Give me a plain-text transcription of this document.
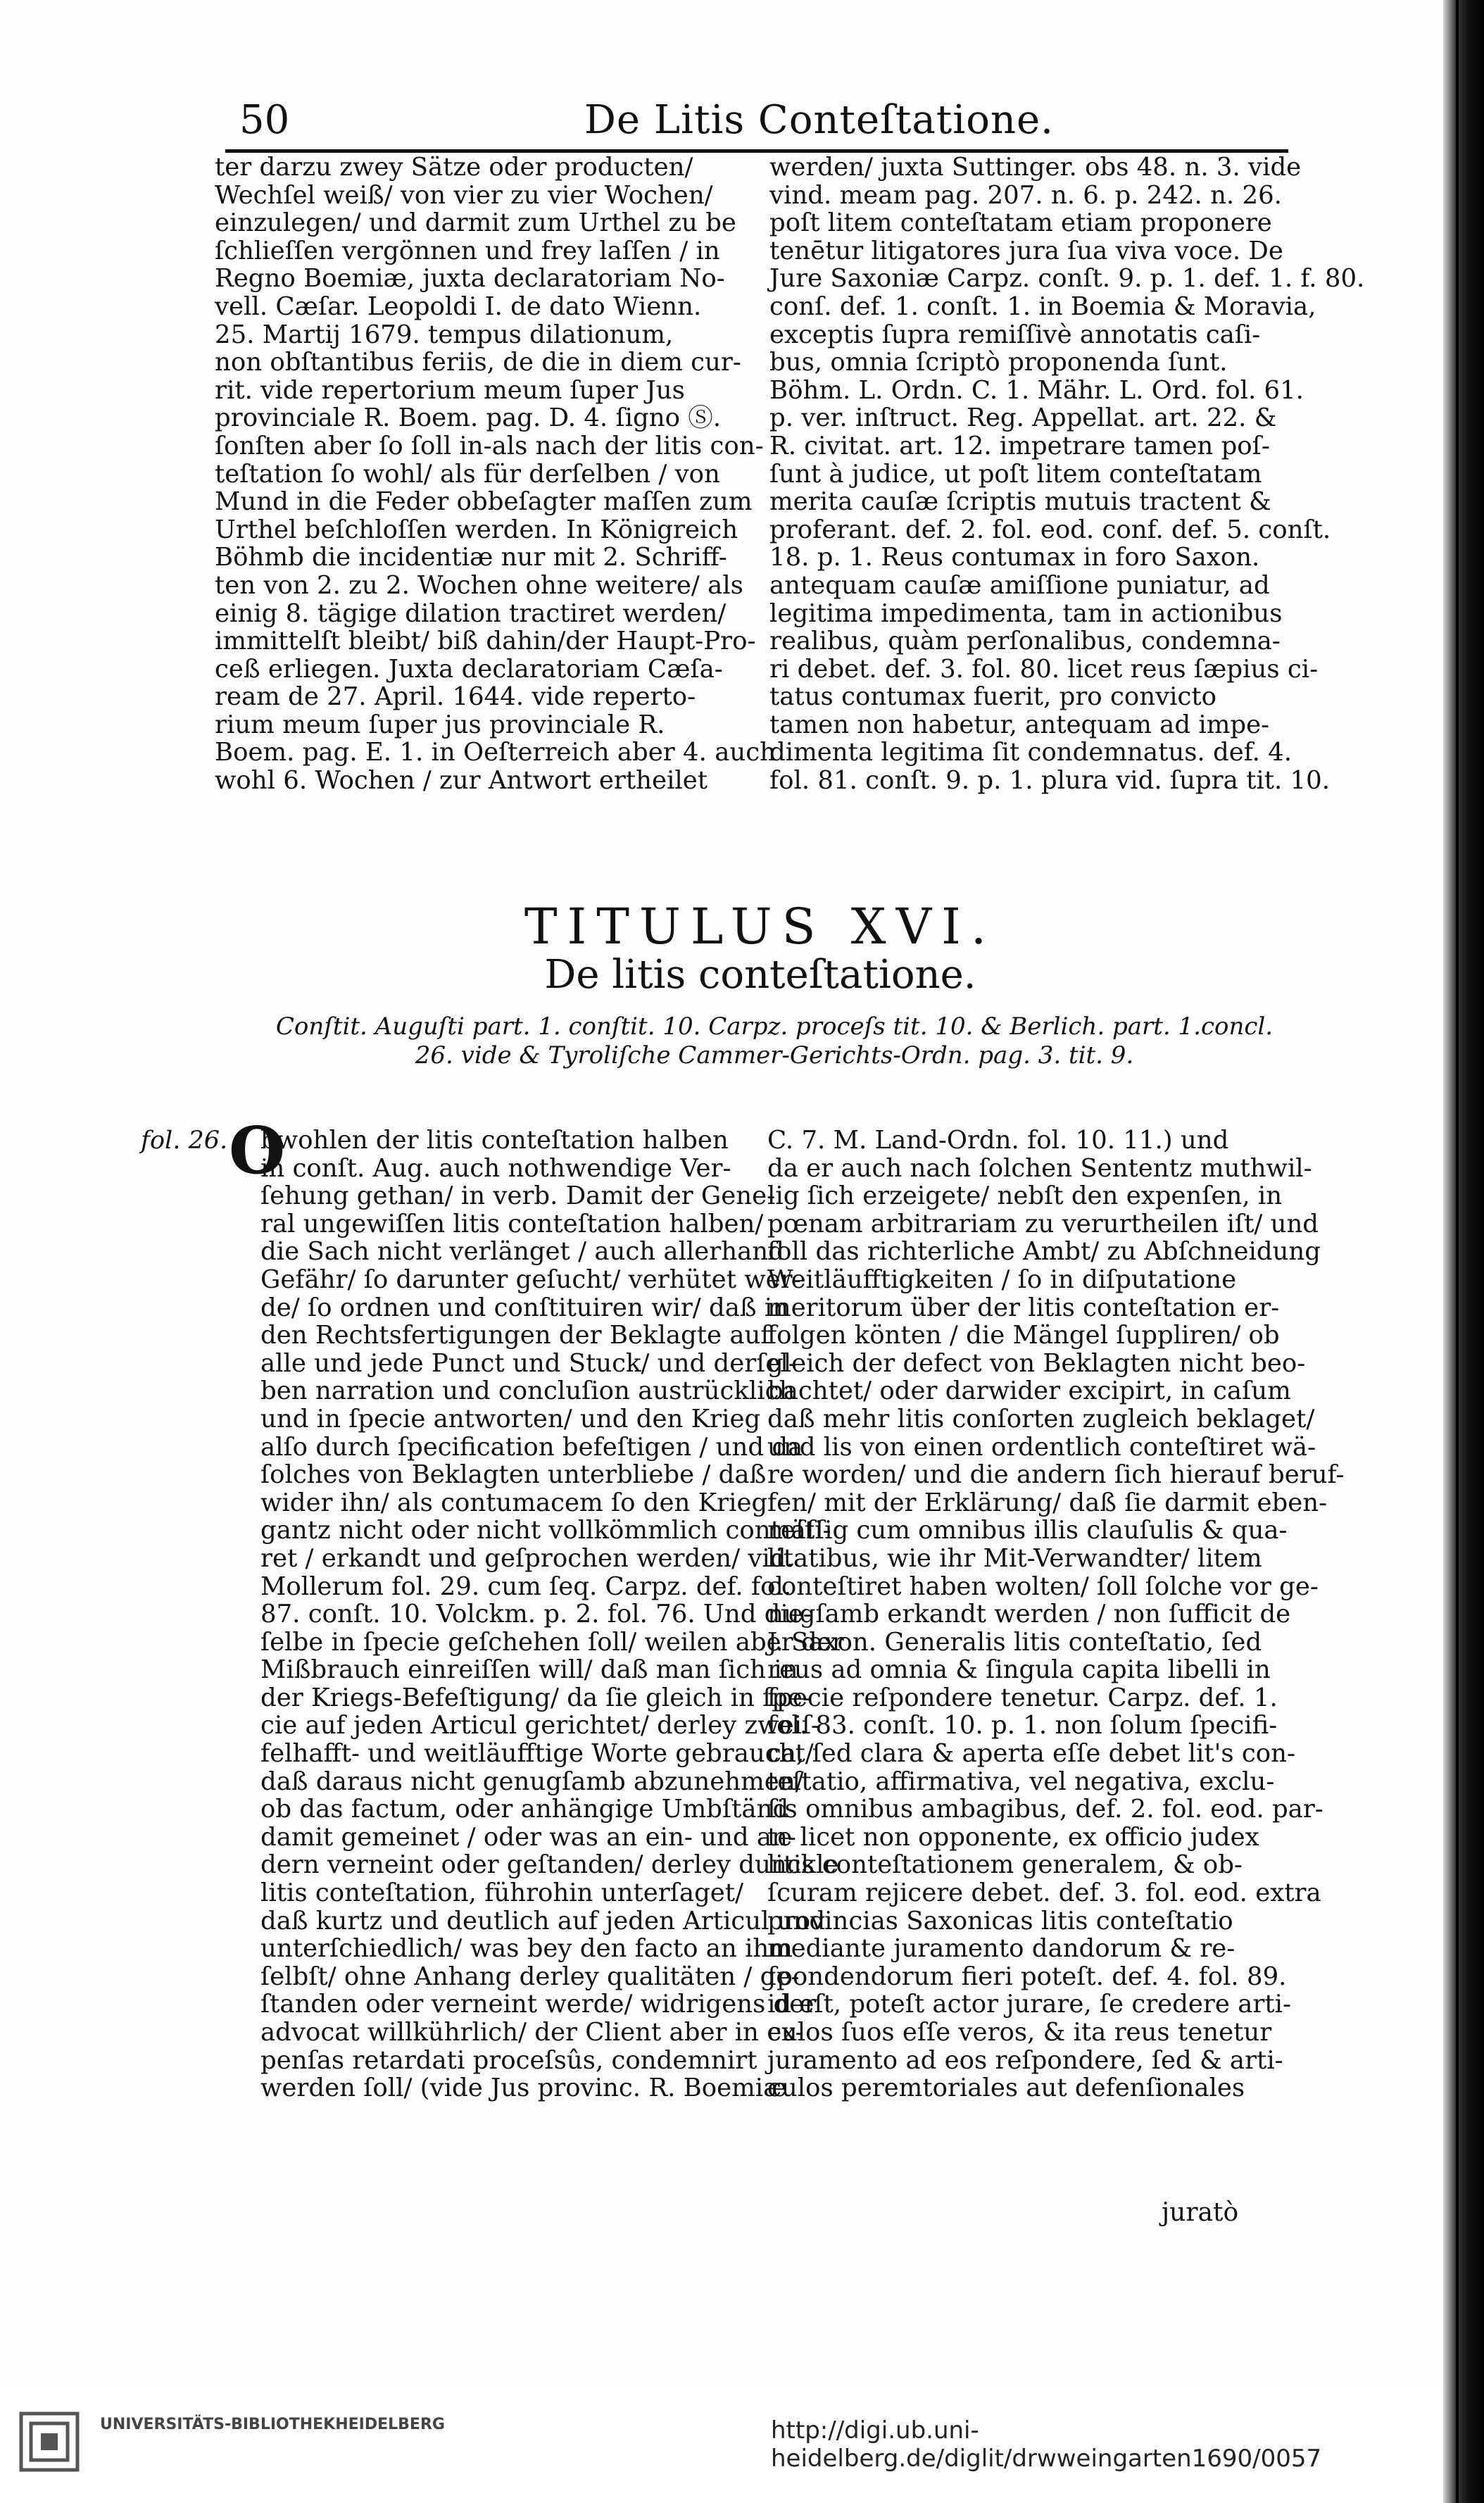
50	De Litis Conteſtatione.
ter darzu zwey Sätze oder producten/
Wechſel weiß/ von vier zu vier Wochen/
einzulegen/ und darmit zum Urthel zu be
ſchlieſſen vergönnen und frey laſſen / in
Regno Boemiæ, juxta declaratoriam No-
vell. Cæſar. Leopoldi I. de dato Wienn.
25. Martij 1679. tempus dilationum,
non obſtantibus feriis, de die in diem cur-
rit. vide repertorium meum ſuper Jus
provinciale R. Boem. pag. D. 4. ſigno Ⓢ.
ſonſten aber ſo ſoll in-als nach der litis con-
teſtation ſo wohl/ als für derſelben / von
Mund in die Feder obbeſagter maſſen zum
Urthel beſchloſſen werden. In Königreich
Böhmb die incidentiæ nur mit 2. Schriff-
ten von 2. zu 2. Wochen ohne weitere/ als
einig 8. tägige dilation tractiret werden/
immittelſt bleibt/ biß dahin/der Haupt-Pro-
ceß erliegen. Juxta declaratoriam Cæſa-
ream de 27. April. 1644. vide reperto-
rium meum ſuper jus provinciale R.
Boem. pag. E. 1. in Oeſterreich aber 4. auch
wohl 6. Wochen / zur Antwort ertheilet
werden/ juxta Suttinger. obs 48. n. 3. vide
vind. meam pag. 207. n. 6. p. 242. n. 26.
poſt litem conteſtatam etiam proponere
tenētur litigatores jura ſua viva voce. De
Jure Saxoniæ Carpz. conſt. 9. p. 1. def. 1. f. 80.
conſ. def. 1. conſt. 1. in Boemia & Moravia,
exceptis ſupra remiſſivè annotatis caſi-
bus, omnia ſcriptò proponenda ſunt.
Böhm. L. Ordn. C. 1. Mähr. L. Ord. fol. 61.
p. ver. inſtruct. Reg. Appellat. art. 22. &
R. civitat. art. 12. impetrare tamen poſ-
ſunt à judice, ut poſt litem conteſtatam
merita cauſæ ſcriptis mutuis tractent &
proferant. def. 2. fol. eod. conf. def. 5. conſt.
18. p. 1. Reus contumax in foro Saxon.
antequam cauſæ amiſſione puniatur, ad
legitima impedimenta, tam in actionibus
realibus, quàm perſonalibus, condemna-
ri debet. def. 3. fol. 80. licet reus ſæpius ci-
tatus contumax fuerit, pro convicto
tamen non habetur, antequam ad impe-
dimenta legitima ſit condemnatus. def. 4.
fol. 81. conſt. 9. p. 1. plura vid. ſupra tit. 10.
TITULUS XVI.
De litis conteſtatione.
Conſtit. Auguſti part. 1. conſtit. 10. Carpz. proceſs tit. 10. & Berlich. part. 1.concl. 26. vide & Tyroliſche Cammer-Gerichts-Ordn. pag. 3. tit. 9.
fol. 26. O
bwohlen der litis conteſtation halben
in conſt. Aug. auch nothwendige Ver-
ſehung gethan/ in verb. Damit der Gene-
ral ungewiſſen litis conteſtation halben/
die Sach nicht verlänget / auch allerhand
Gefähr/ ſo darunter geſucht/ verhütet wer-
de/ ſo ordnen und conſtituiren wir/ daß in
den Rechtsfertigungen der Beklagte auf
alle und jede Punct und Stuck/ und derſel-
ben narration und concluſion austrücklich
und in ſpecie antworten/ und den Krieg
alſo durch ſpecification befeſtigen / und da
ſolches von Beklagten unterbliebe / daß
wider ihn/ als contumacem ſo den Krieg
gantz nicht oder nicht vollkömmlich conteſti-
ret / erkandt und geſprochen werden/ vid.
Mollerum fol. 29. cum ſeq. Carpz. def. fol.
87. conſt. 10. Volckm. p. 2. fol. 76. Und die-
ſelbe in ſpecie geſchehen ſoll/ weilen aber der
Mißbrauch einreiſſen will/ daß man ſich in
der Kriegs-Befeſtigung/ da ſie gleich in ſpe-
cie auf jeden Articul gerichtet/ derley zweiſ-
felhafft- und weitläufftige Worte gebraucht/
daß daraus nicht genugſamb abzunehmen/
ob das factum, oder anhängige Umbſtänd
damit gemeinet / oder was an ein- und an-
dern verneint oder geſtanden/ derley dunckle
litis conteſtation, führohin unterſaget/
daß kurtz und deutlich auf jeden Articul und
unterſchiedlich/ was bey den facto an ihm
ſelbſt/ ohne Anhang derley qualitäten / ge-
ſtanden oder verneint werde/ widrigens der
advocat willkührlich/ der Client aber in ex-
penſas retardati proceſsûs, condemnirt
werden ſoll/ (vide Jus provinc. R. Boemiæ
C. 7. M. Land-Ordn. fol. 10. 11.) und
da er auch nach ſolchen Sententz muthwil-
lig ſich erzeigete/ nebſt den expenſen, in
pœnam arbitrariam zu verurtheilen iſt/ und
ſoll das richterliche Ambt/ zu Abſchneidung
Weitläufftigkeiten / ſo in diſputatione
meritorum über der litis conteſtation er-
folgen könten / die Mängel ſuppliren/ ob
gleich der defect von Beklagten nicht beo-
bachtet/ oder darwider excipirt, in caſum
daß mehr litis conſorten zugleich beklaget/
und lis von einen ordentlich conteſtiret wä-
re worden/ und die andern ſich hierauf beruf-
fen/ mit der Erklärung/ daß ſie darmit eben-
mäſſig cum omnibus illis clauſulis & qua-
litatibus, wie ihr Mit-Verwandter/ litem
conteſtiret haben wolten/ ſoll ſolche vor ge-
nugſamb erkandt werden / non ſufficit de
J. Saxon. Generalis litis conteſtatio, ſed
reus ad omnia & ſingula capita libelli in
ſpecie reſpondere tenetur. Carpz. def. 1.
fol. 83. conſt. 10. p. 1. non ſolum ſpecifi-
ca, ſed clara & aperta eſſe debet lit's con-
teſtatio, affirmativa, vel negativa, exclu-
ſis omnibus ambagibus, def. 2. fol. eod. par-
te licet non opponente, ex officio judex
litis conteſtationem generalem, & ob-
ſcuram rejicere debet. def. 3. fol. eod. extra
provincias Saxonicas litis conteſtatio
mediante juramento dandorum & re-
ſpondendorum fieri poteſt. def. 4. fol. 89.
id eſt, poteſt actor jurare, ſe credere arti-
culos ſuos eſſe veros, & ita reus tenetur
juramento ad eos reſpondere, ſed & arti-
culos peremtoriales aut defenſionales
juratò
UNIVERSITÄTS-BIBLIOTHEKHEIDELBERG	http://digi.ub.uni-heidelberg.de/diglit/drwweingarten1690/0057
